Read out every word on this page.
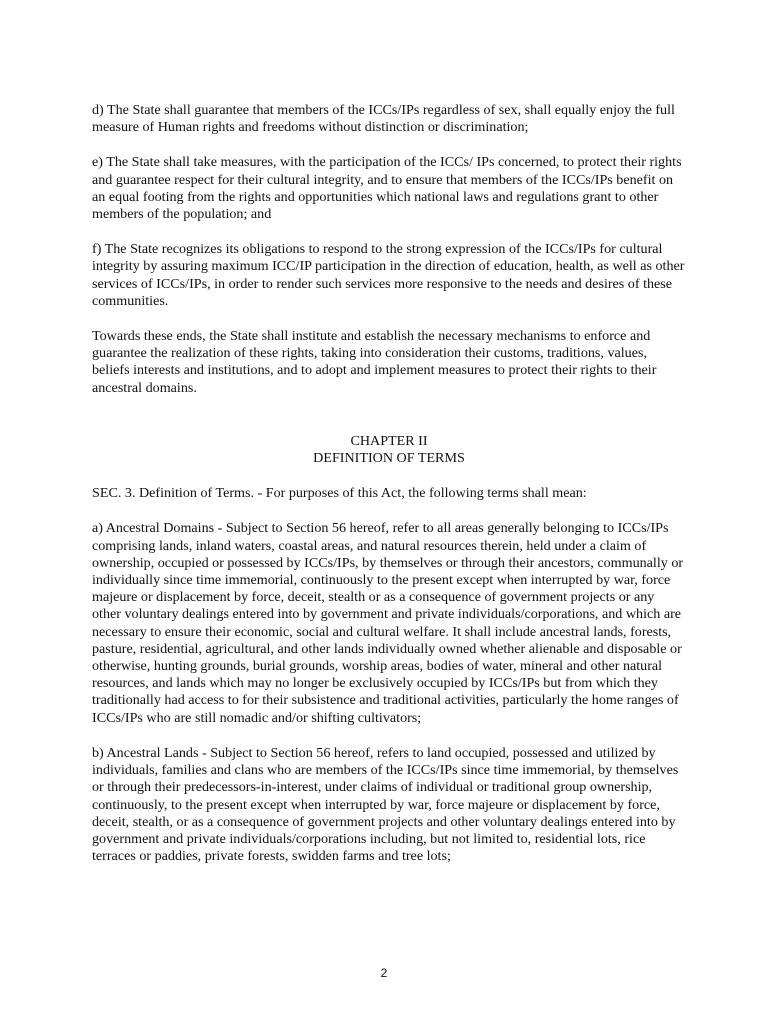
d) The State shall guarantee that members of the ICCs/IPs regardless of sex, shall equally enjoy the full measure of Human rights and freedoms without distinction or discrimination;

e) The State shall take measures, with the participation of the ICCs/ IPs concerned, to protect their rights and guarantee respect for their cultural integrity, and to ensure that members of the ICCs/IPs benefit on an equal footing from the rights and opportunities which national laws and regulations grant to other members of the population; and

f) The State recognizes its obligations to respond to the strong expression of the ICCs/IPs for cultural integrity by assuring maximum ICC/IP participation in the direction of education, health, as well as other services of ICCs/IPs, in order to render such services more responsive to the needs and desires of these communities.

Towards these ends, the State shall institute and establish the necessary mechanisms to enforce and guarantee the realization of these rights, taking into consideration their customs, traditions, values, beliefs interests and institutions, and to adopt and implement measures to protect their rights to their ancestral domains.

CHAPTER II

DEFINITION OF TERMS

SEC. 3. Definition of Terms. - For purposes of this Act, the following terms shall mean:

a) Ancestral Domains - Subject to Section 56 hereof, refer to all areas generally belonging to ICCs/IPs comprising lands, inland waters, coastal areas, and natural resources therein, held under a claim of ownership, occupied or possessed by ICCs/IPs, by themselves or through their ancestors, communally or individually since time immemorial, continuously to the present except when interrupted by war, force majeure or displacement by force, deceit, stealth or as a consequence of government projects or any other voluntary dealings entered into by government and private individuals/corporations, and which are necessary to ensure their economic, social and cultural welfare. It shall include ancestral lands, forests, pasture, residential, agricultural, and other lands individually owned whether alienable and disposable or otherwise, hunting grounds, burial grounds, worship areas, bodies of water, mineral and other natural resources, and lands which may no longer be exclusively occupied by ICCs/IPs but from which they traditionally had access to for their subsistence and traditional activities, particularly the home ranges of ICCs/IPs who are still nomadic and/or shifting cultivators;

b) Ancestral Lands - Subject to Section 56 hereof, refers to land occupied, possessed and utilized by individuals, families and clans who are members of the ICCs/IPs since time immemorial, by themselves or through their predecessors-in-interest, under claims of individual or traditional group ownership, continuously, to the present except when interrupted by war, force majeure or displacement by force, deceit, stealth, or as a consequence of government projects and other voluntary dealings entered into by government and private individuals/corporations including, but not limited to, residential lots, rice terraces or paddies, private forests, swidden farms and tree lots;

2
